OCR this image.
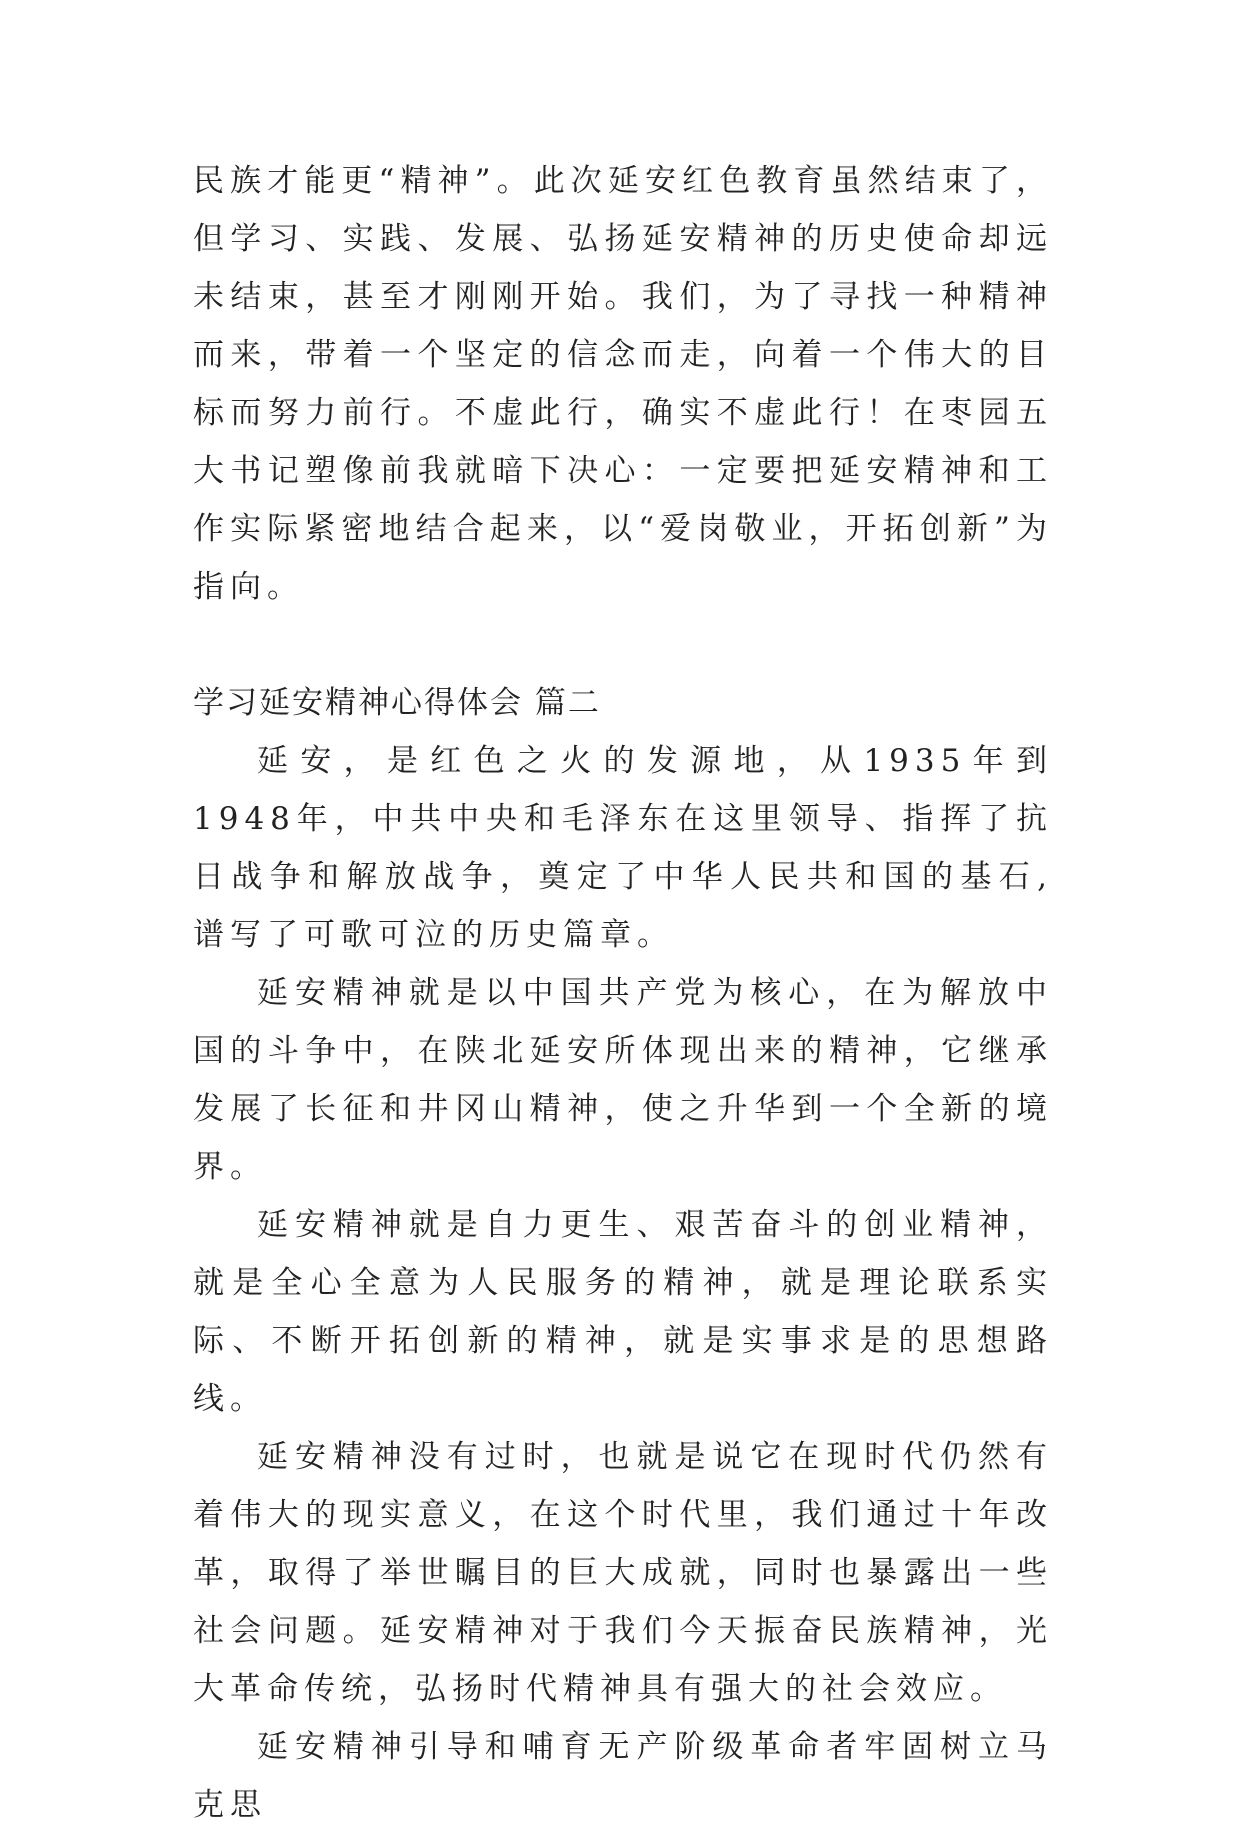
民族才能更“精神”。此次延安红色教育虽然结束了，但学习、实践、发展、弘扬延安精神的历史使命却远未结束，甚至才刚刚开始。我们，为了寻找一种精神而来，带着一个坚定的信念而走，向着一个伟大的目标而努力前行。不虚此行，确实不虚此行！在枣园五大书记塑像前我就暗下决心：一定要把延安精神和工作实际紧密地结合起来，以“爱岗敬业，开拓创新”为指向。

学习延安精神心得体会 篇二

延安，是红色之火的发源地，从1935年到1948年，中共中央和毛泽东在这里领导、指挥了抗日战争和解放战争，奠定了中华人民共和国的基石,谱写了可歌可泣的历史篇章。

延安精神就是以中国共产党为核心，在为解放中国的斗争中，在陕北延安所体现出来的精神，它继承发展了长征和井冈山精神，使之升华到一个全新的境界。

延安精神就是自力更生、艰苦奋斗的创业精神，就是全心全意为人民服务的精神，就是理论联系实际、不断开拓创新的精神，就是实事求是的思想路线。

延安精神没有过时，也就是说它在现时代仍然有着伟大的现实意义，在这个时代里，我们通过十年改革，取得了举世瞩目的巨大成就，同时也暴露出一些社会问题。延安精神对于我们今天振奋民族精神，光大革命传统，弘扬时代精神具有强大的社会效应。

延安精神引导和哺育无产阶级革命者牢固树立马克思
